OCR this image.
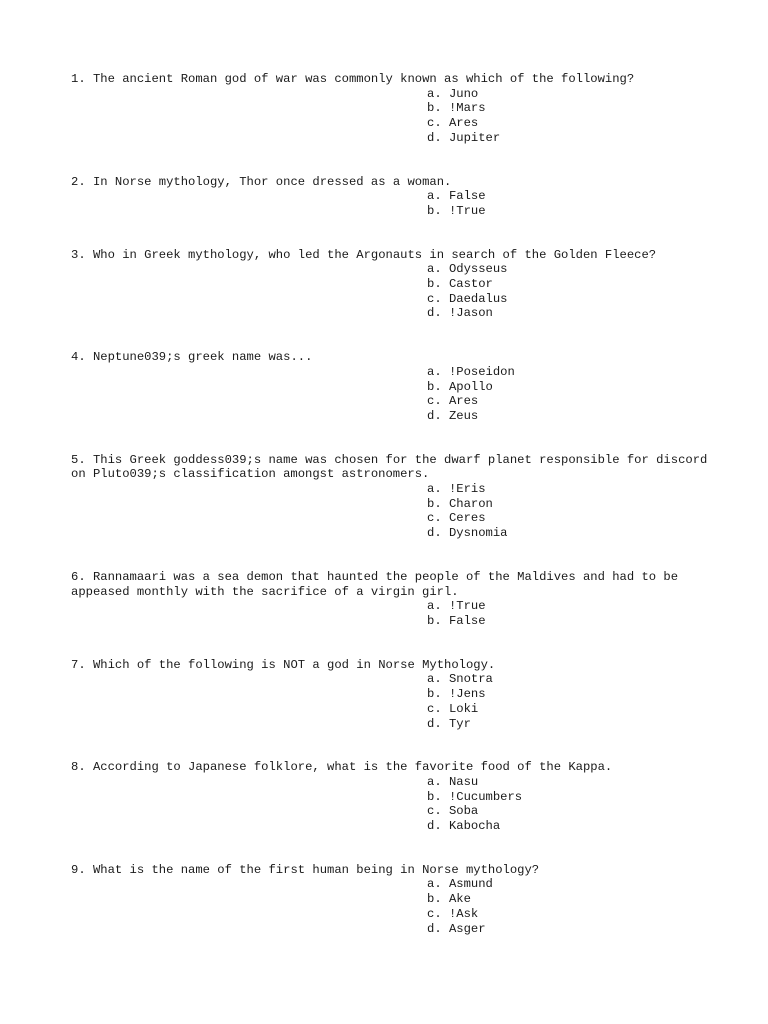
1. The ancient Roman god of war was commonly known as which of the following?

a. Juno
b. !Mars
c. Ares
d. Jupiter

2. In Norse mythology, Thor once dressed as a woman.

a. False
b. !True

3. Who in Greek mythology, who led the Argonauts in search of the Golden Fleece?

a. Odysseus
b. Castor
c. Daedalus
d. !Jason

4. Neptune039;s greek name was...

a. !Poseidon
b. Apollo
c. Ares
d. Zeus

5. This Greek goddess039;s name was chosen for the dwarf planet responsible for discord on Pluto039;s classification amongst astronomers.

a. !Eris
b. Charon
c. Ceres
d. Dysnomia

6. Rannamaari was a sea demon that haunted the people of the Maldives and had to be appeased monthly with the sacrifice of a virgin girl.

a. !True
b. False

7. Which of the following is NOT a god in Norse Mythology.

a. Snotra
b. !Jens
c. Loki
d. Tyr

8. According to Japanese folklore, what is the favorite food of the Kappa.

a. Nasu
b. !Cucumbers
c. Soba
d. Kabocha

9. What is the name of the first human being in Norse mythology?

a. Asmund
b. Ake
c. !Ask
d. Asger
